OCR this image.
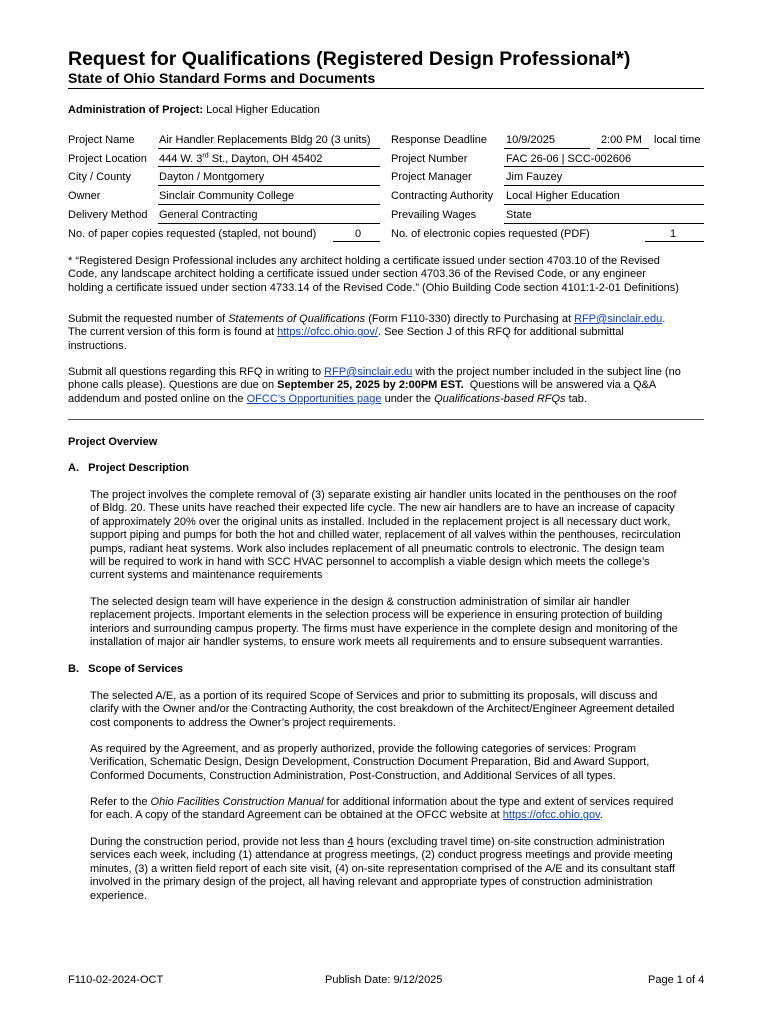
Request for Qualifications (Registered Design Professional*)
State of Ohio Standard Forms and Documents
Administration of Project: Local Higher Education
Project Name Air Handler Replacements Bldg 20 (3 units)
Project Location 444 W. 3rd St., Dayton, OH 45402
City / County	Dayton / Montgomery
Owner	Sinclair Community College
Delivery Method General Contracting
No. of paper copies requested (stapled, not bound)	0
Response Deadline 10/9/2025	2:00 PM local time
Project Number	FAC 26-06 | SCC-002606
Project Manager	Jim Fauzey
Contracting Authority Local Higher Education
Prevailing Wages	State
No. of electronic copies requested (PDF)	1
* “Registered Design Professional includes any architect holding a certificate issued under section 4703.10 of the Revised
Code, any landscape architect holding a certificate issued under section 4703.36 of the Revised Code, or any engineer
holding a certificate issued under section 4733.14 of the Revised Code.” (Ohio Building Code section 4101:1-2-01 Definitions)
Submit the requested number of Statements of Qualifications (Form F110-330) directly to Purchasing at RFP@sinclair.edu.
The current version of this form is found at https://ofcc.ohio.gov/. See Section J of this RFQ for additional submittal
instructions.
Submit all questions regarding this RFQ in writing to RFP@sinclair.edu with the project number included in the subject line (no
phone calls please). Questions are due on September 25, 2025 by 2:00PM EST.  Questions will be answered via a Q&A
addendum and posted online on the OFCC’s Opportunities page under the Qualifications-based RFQs tab.
Project Overview
A.   Project Description
The project involves the complete removal of (3) separate existing air handler units located in the penthouses on the roof
of Bldg. 20. These units have reached their expected life cycle. The new air handlers are to have an increase of capacity
of approximately 20% over the original units as installed. Included in the replacement project is all necessary duct work,
support piping and pumps for both the hot and chilled water, replacement of all valves within the penthouses, recirculation
pumps, radiant heat systems. Work also includes replacement of all pneumatic controls to electronic. The design team
will be required to work in hand with SCC HVAC personnel to accomplish a viable design which meets the college’s
current systems and maintenance requirements
The selected design team will have experience in the design & construction administration of similar air handler
replacement projects. Important elements in the selection process will be experience in ensuring protection of building
interiors and surrounding campus property. The firms must have experience in the complete design and monitoring of the
installation of major air handler systems, to ensure work meets all requirements and to ensure subsequent warranties.
B.   Scope of Services
The selected A/E, as a portion of its required Scope of Services and prior to submitting its proposals, will discuss and
clarify with the Owner and/or the Contracting Authority, the cost breakdown of the Architect/Engineer Agreement detailed
cost components to address the Owner’s project requirements.
As required by the Agreement, and as properly authorized, provide the following categories of services: Program
Verification, Schematic Design, Design Development, Construction Document Preparation, Bid and Award Support,
Conformed Documents, Construction Administration, Post-Construction, and Additional Services of all types.
Refer to the Ohio Facilities Construction Manual for additional information about the type and extent of services required
for each. A copy of the standard Agreement can be obtained at the OFCC website at https://ofcc.ohio.gov.
During the construction period, provide not less than 4 hours (excluding travel time) on-site construction administration
services each week, including (1) attendance at progress meetings, (2) conduct progress meetings and provide meeting
minutes, (3) a written field report of each site visit, (4) on-site representation comprised of the A/E and its consultant staff
involved in the primary design of the project, all having relevant and appropriate types of construction administration
experience.
F110-02-2024-OCT	Publish Date: 9/12/2025	Page 1 of 4
